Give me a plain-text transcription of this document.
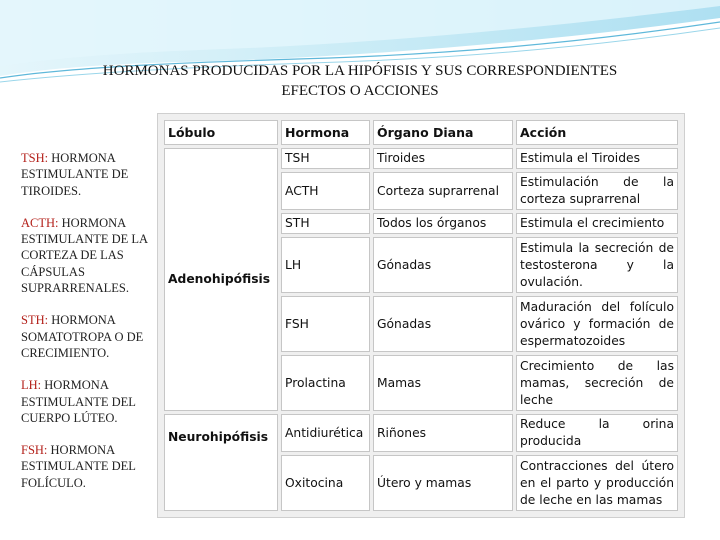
HORMONAS PRODUCIDAS POR LA HIPÓFISIS Y SUS CORRESPONDIENTES
EFECTOS O ACCIONES
TSH: HORMONA ESTIMULANTE DE TIROIDES.
ACTH: HORMONA ESTIMULANTE DE LA CORTEZA DE LAS CÁPSULAS SUPRARRENALES.
STH: HORMONA SOMATOTROPA O DE CRECIMIENTO.
LH: HORMONA ESTIMULANTE DEL CUERPO LÚTEO.
FSH: HORMONA ESTIMULANTE DEL FOLÍCULO.
Lóbulo	Hormona	Órgano Diana	Acción
Adenohipófisis	TSH	Tiroides	Estimula el Tiroides
	ACTH	Corteza suprarrenal	Estimulación de la corteza suprarrenal
	STH	Todos los órganos	Estimula el crecimiento
	LH	Gónadas	Estimula la secreción de testosterona y la ovulación.
	FSH	Gónadas	Maduración del folículo ovárico y formación de espermatozoides
	Prolactina	Mamas	Crecimiento de las mamas, secreción de leche
Neurohipófisis	Antidiurética	Riñones	Reduce la orina producida
	Oxitocina	Útero y mamas	Contracciones del útero en el parto y producción de leche en las mamas
